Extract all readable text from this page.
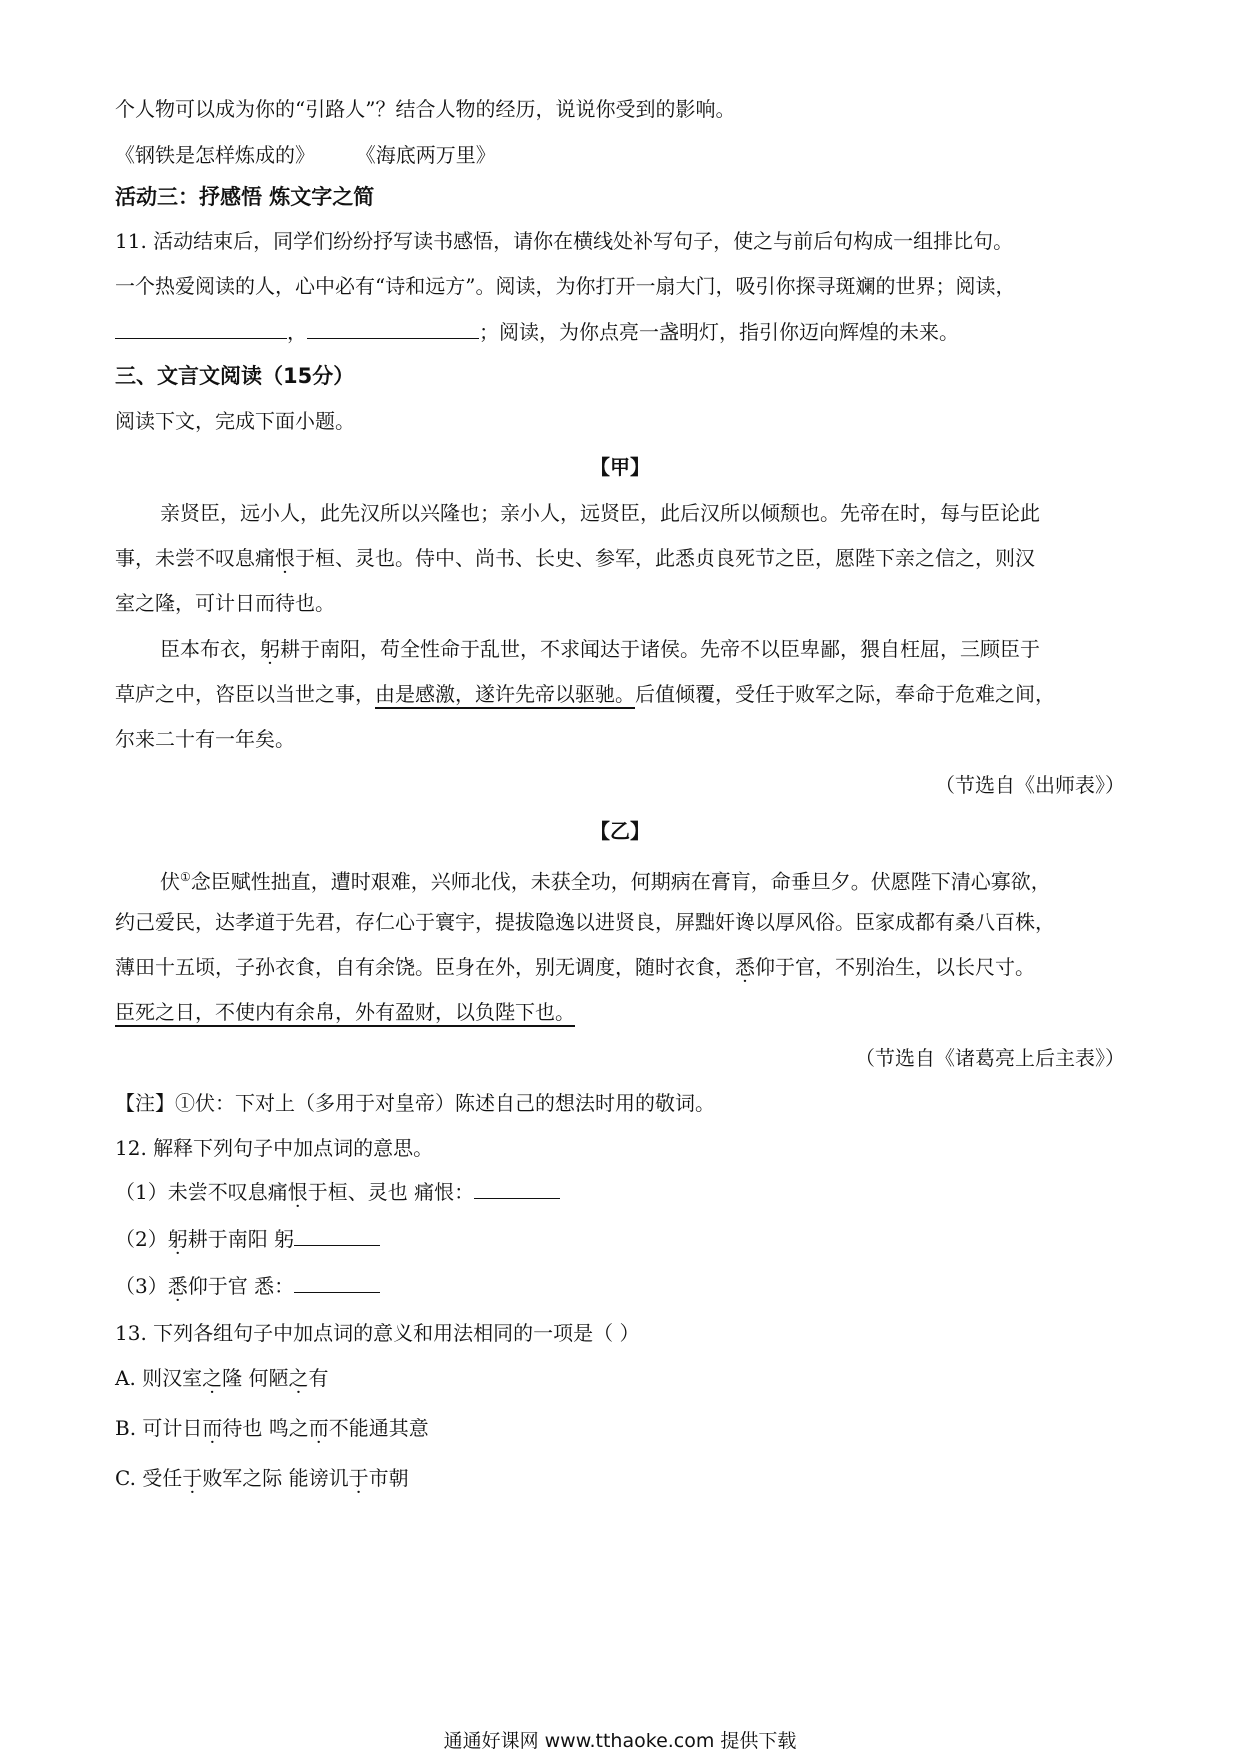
个人物可以成为你的“引路人”？结合人物的经历，说说你受到的影响。
《钢铁是怎样炼成的》 《海底两万里》
活动三：抒感悟 炼文字之简
11. 活动结束后，同学们纷纷抒写读书感悟，请你在横线处补写句子，使之与前后句构成一组排比句。
一个热爱阅读的人，心中必有“诗和远方”。阅读，为你打开一扇大门，吸引你探寻斑斓的世界；阅读，
，	；阅读，为你点亮一盏明灯，指引你迈向辉煌的未来。
三、文言文阅读（15分）
阅读下文，完成下面小题。
【甲】
亲贤臣，远小人，此先汉所以兴隆也；亲小人，远贤臣，此后汉所以倾颓也。先帝在时，每与臣论此
事，未尝不叹息痛恨于桓、灵也。侍中、尚书、长史、参军，此悉贞良死节之臣，愿陛下亲之信之，则汉
室之隆，可计日而待也。
臣本布衣，躬耕于南阳，苟全性命于乱世，不求闻达于诸侯。先帝不以臣卑鄙，猥自枉屈，三顾臣于
草庐之中，咨臣以当世之事，由是感激，遂许先帝以驱驰。后值倾覆，受任于败军之际，奉命于危难之间，
尔来二十有一年矣。
（节选自《出师表》）
【乙】
伏①念臣赋性拙直，遭时艰难，兴师北伐，未获全功，何期病在膏肓，命垂旦夕。伏愿陛下清心寡欲，
约己爱民，达孝道于先君，存仁心于寰宇，提拔隐逸以进贤良，屏黜奸谗以厚风俗。臣家成都有桑八百株，
薄田十五顷，子孙衣食，自有余饶。臣身在外，别无调度，随时衣食，悉仰于官，不别治生，以长尺寸。
臣死之日，不使内有余帛，外有盈财，以负陛下也。
（节选自《诸葛亮上后主表》）
【注】①伏：下对上（多用于对皇帝）陈述自己的想法时用的敬词。
12. 解释下列句子中加点词的意思。
（1）未尝不叹息痛恨于桓、灵也 痛恨：
（2）躬耕于南阳 躬
（3）悉仰于官 悉：
13. 下列各组句子中加点词的意义和用法相同的一项是（ ）
A. 则汉室之隆 何陋之有
B. 可计日而待也 鸣之而不能通其意
C. 受任于败军之际 能谤讥于市朝
通通好课网 www.tthaoke.com 提供下载
